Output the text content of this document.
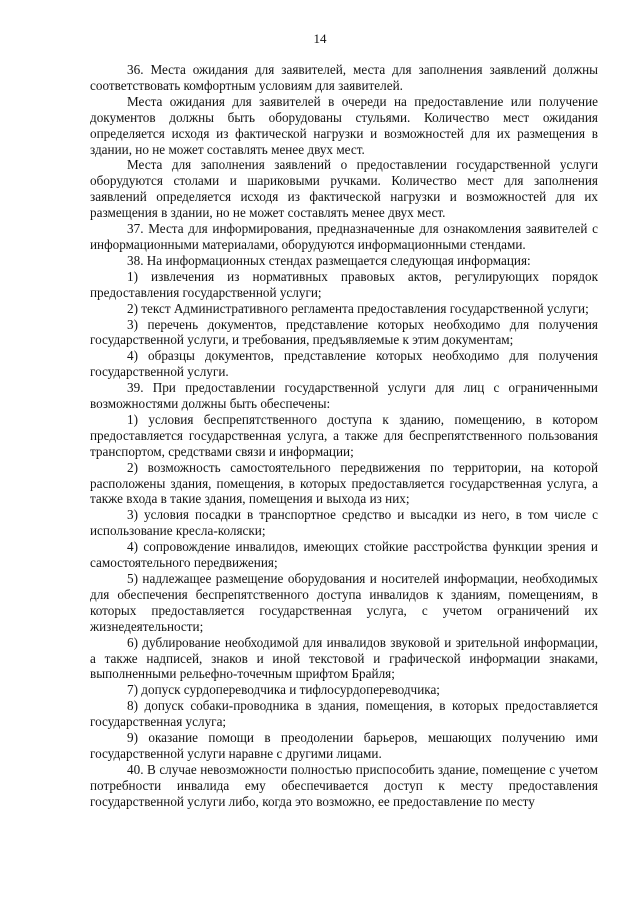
14

36. Места ожидания для заявителей, места для заполнения заявлений должны соответствовать комфортным условиям для заявителей.

Места ожидания для заявителей в очереди на предоставление или получение документов должны быть оборудованы стульями. Количество мест ожидания определяется исходя из фактической нагрузки и возможностей для их размещения в здании, но не может составлять менее двух мест.

Места для заполнения заявлений о предоставлении государственной услуги оборудуются столами и шариковыми ручками. Количество мест для заполнения заявлений определяется исходя из фактической нагрузки и возможностей для их размещения в здании, но не может составлять менее двух мест.

37. Места для информирования, предназначенные для ознакомления заявителей с информационными материалами, оборудуются информационными стендами.

38. На информационных стендах размещается следующая информация:

1) извлечения из нормативных правовых актов, регулирующих порядок предоставления государственной услуги;

2) текст Административного регламента предоставления государственной услуги;

3) перечень документов, представление которых необходимо для получения государственной услуги, и требования, предъявляемые к этим документам;

4) образцы документов, представление которых необходимо для получения государственной услуги.

39. При предоставлении государственной услуги для лиц с ограниченными возможностями должны быть обеспечены:

1) условия беспрепятственного доступа к зданию, помещению, в котором предоставляется государственная услуга, а также для беспрепятственного пользования транспортом, средствами связи и информации;

2) возможность самостоятельного передвижения по территории, на которой расположены здания, помещения, в которых предоставляется государственная услуга, а также входа в такие здания, помещения и выхода из них;

3) условия посадки в транспортное средство и высадки из него, в том числе с использование кресла-коляски;

4) сопровождение инвалидов, имеющих стойкие расстройства функции зрения и самостоятельного передвижения;

5) надлежащее размещение оборудования и носителей информации, необходимых для обеспечения беспрепятственного доступа инвалидов к зданиям, помещениям, в которых предоставляется государственная услуга, с учетом ограничений их жизнедеятельности;

6) дублирование необходимой для инвалидов звуковой и зрительной информации, а также надписей, знаков и иной текстовой и графической информации знаками, выполненными рельефно-точечным шрифтом Брайля;

7) допуск сурдопереводчика и тифлосурдопереводчика;

8) допуск собаки-проводника в здания, помещения, в которых предоставляется государственная услуга;

9) оказание помощи в преодолении барьеров, мешающих получению ими государственной услуги наравне с другими лицами.

40. В случае невозможности полностью приспособить здание, помещение с учетом потребности инвалида ему обеспечивается доступ к месту предоставления государственной услуги либо, когда это возможно, ее предоставление по месту
